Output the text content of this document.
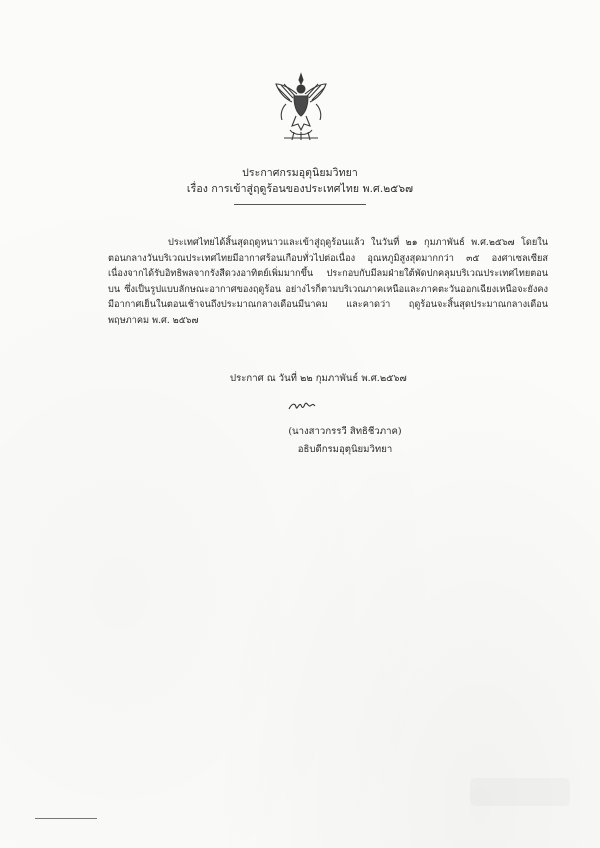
ประกาศกรมอุตุนิยมวิทยา
เรื่อง การเข้าสู่ฤดูร้อนของประเทศไทย พ.ศ.๒๕๖๗

ประเทศไทยได้สิ้นสุดฤดูหนาวและเข้าสู่ฤดูร้อนแล้ว ในวันที่ ๒๑ กุมภาพันธ์ พ.ศ.๒๕๖๗ โดยในตอนกลางวันบริเวณประเทศไทยมีอากาศร้อนเกือบทั่วไปต่อเนื่อง อุณหภูมิสูงสุดมากกว่า ๓๕ องศาเซลเซียส เนื่องจากได้รับอิทธิพลจากรังสีดวงอาทิตย์เพิ่มมากขึ้น ประกอบกับมีลมฝ่ายใต้พัดปกคลุมบริเวณประเทศไทยตอนบน ซึ่งเป็นรูปแบบลักษณะอากาศของฤดูร้อน อย่างไรก็ตามบริเวณภาคเหนือและภาคตะวันออกเฉียงเหนือจะยังคงมีอากาศเย็นในตอนเช้าจนถึงประมาณกลางเดือนมีนาคม และคาดว่า ฤดูร้อนจะสิ้นสุดประมาณกลางเดือนพฤษภาคม พ.ศ. ๒๕๖๗

ประกาศ ณ วันที่ ๒๒ กุมภาพันธ์ พ.ศ.๒๕๖๗
(นางสาวกรรวี สิทธิชีวภาค)
อธิบดีกรมอุตุนิยมวิทยา
